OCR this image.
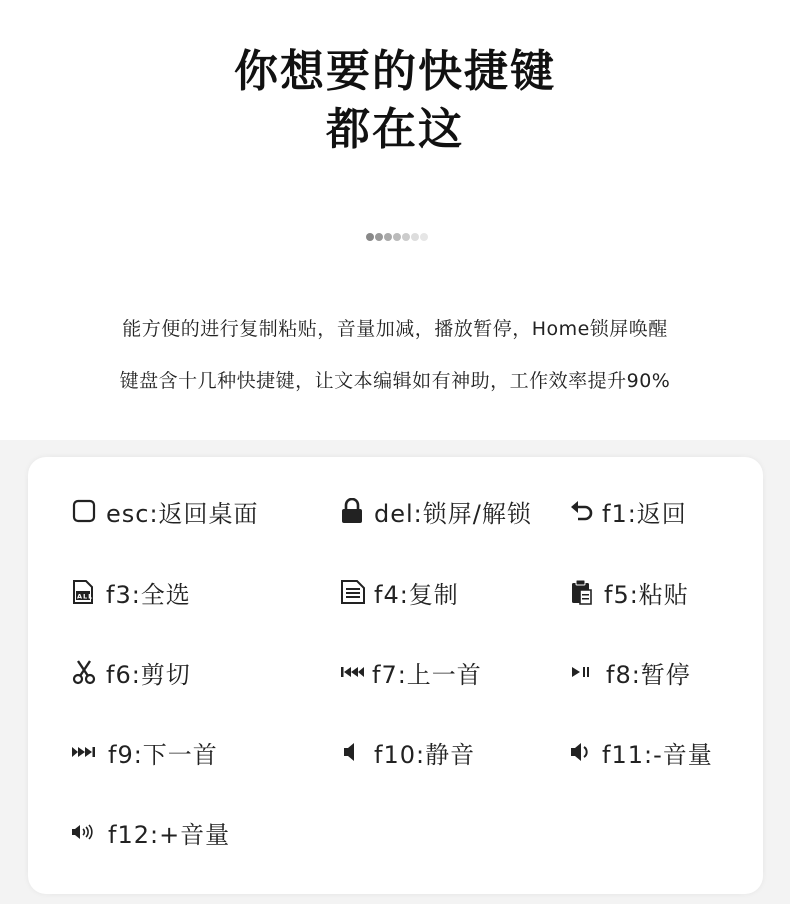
你想要的快捷键
都在这
能方便的进行复制粘贴，音量加减，播放暂停，Home锁屏唤醒
键盘含十几种快捷键，让文本编辑如有神助，工作效率提升90%
esc:返回桌面	del:锁屏/解锁	f1:返回
ALL f3:全选	f4:复制	f5:粘贴
f6:剪切	f7:上一首	f8:暂停
f9:下一首	f10:静音	f11:-音量
f12:+音量
